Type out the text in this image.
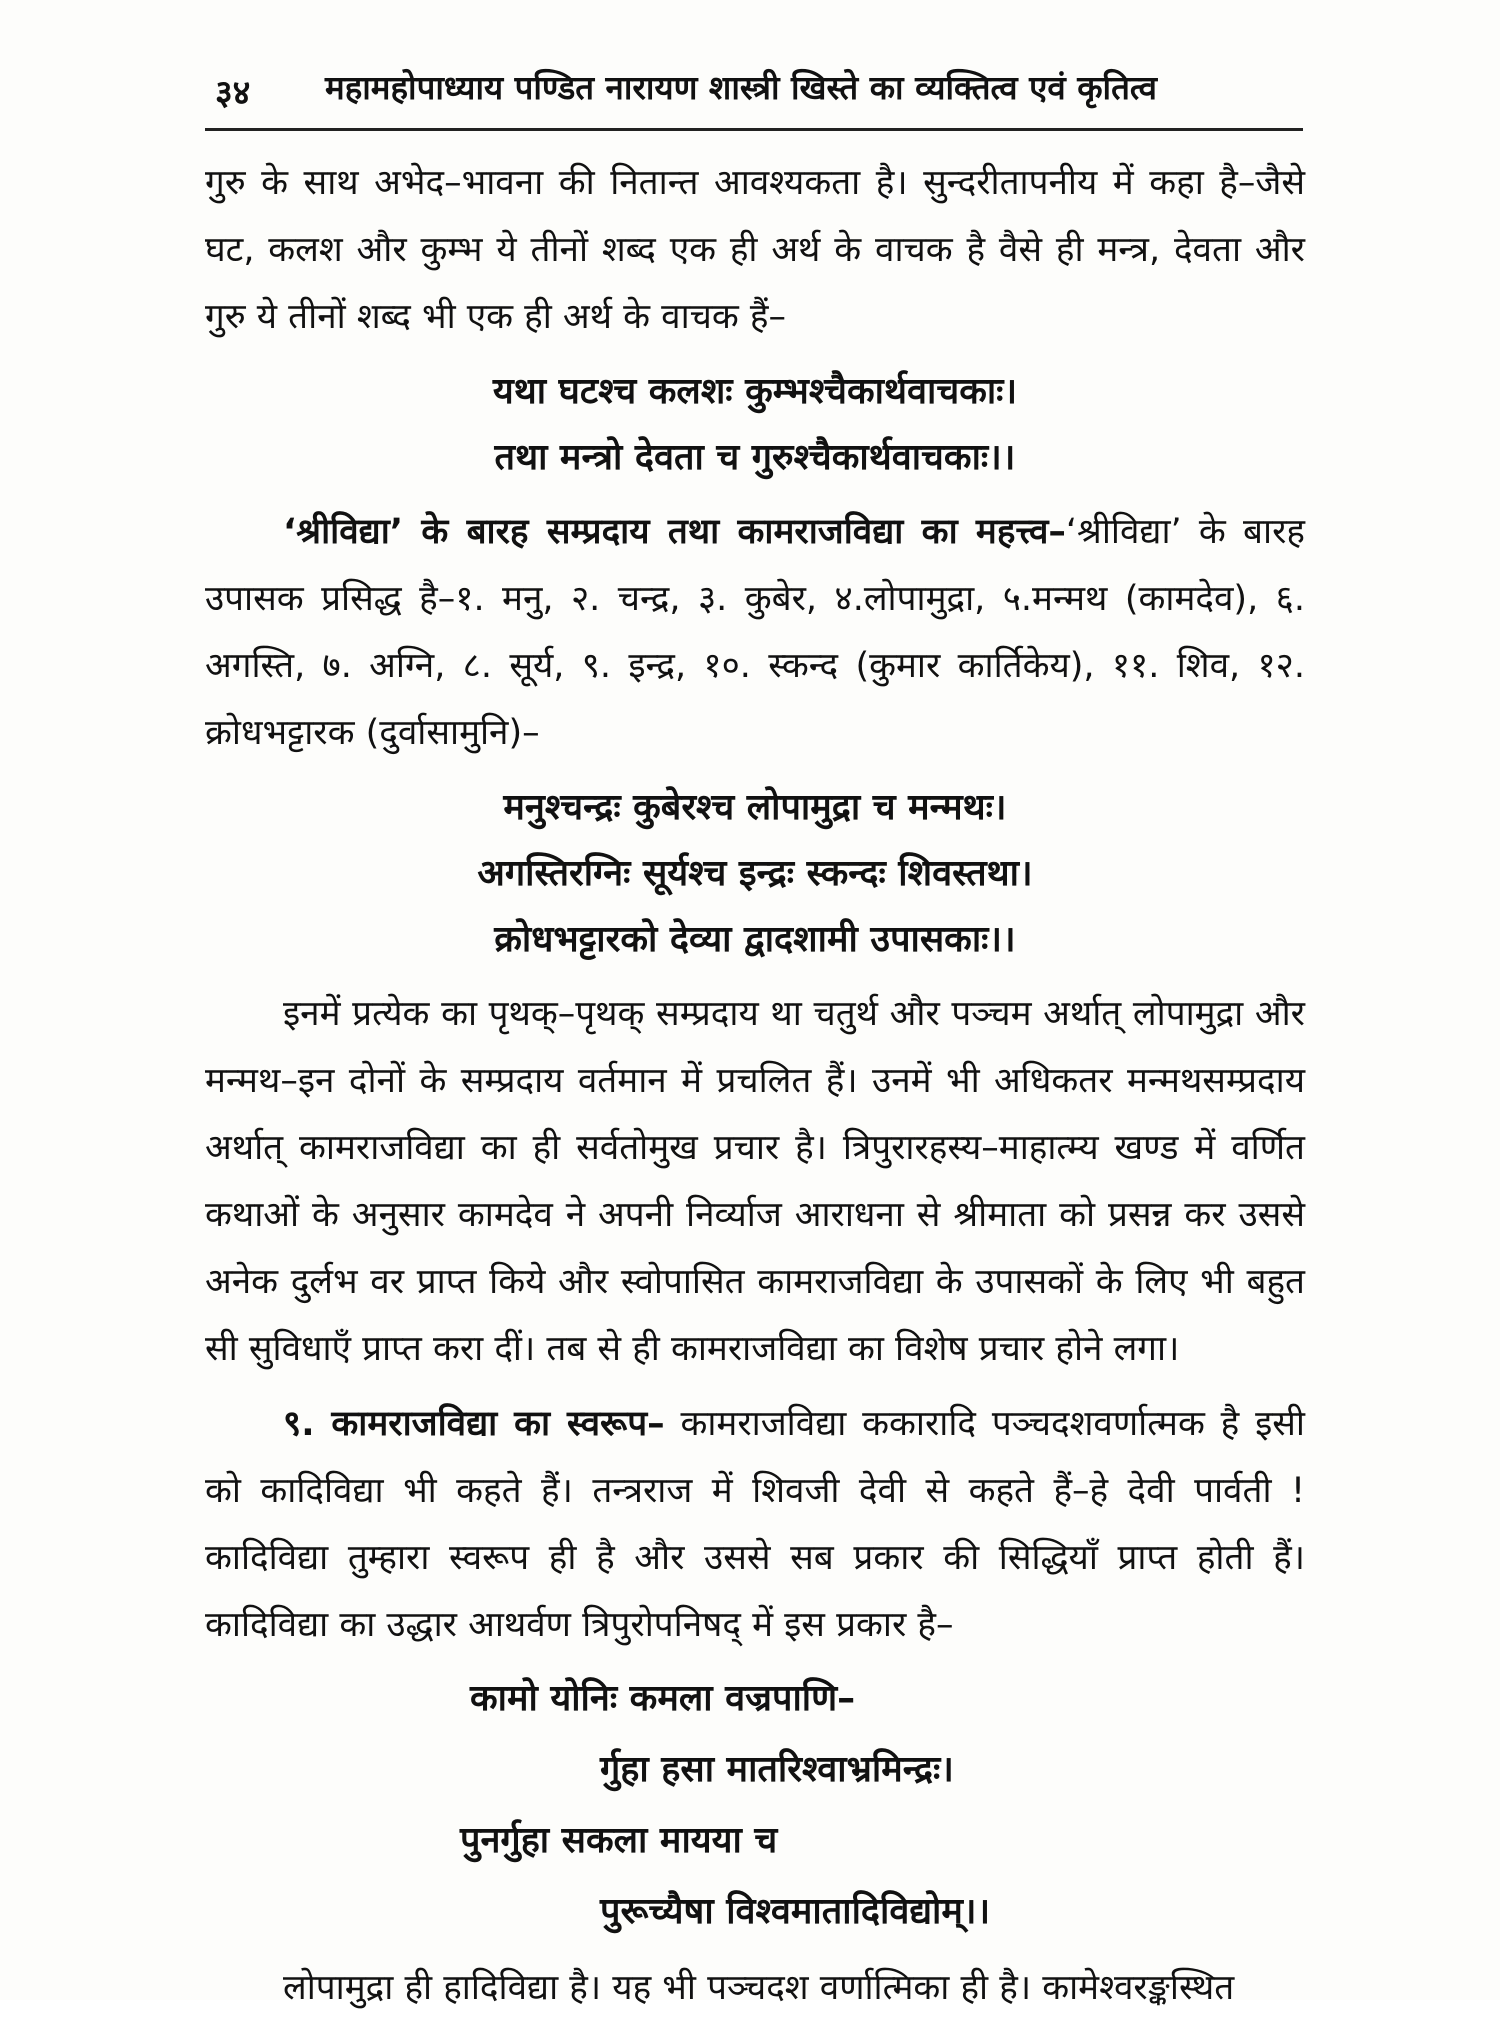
३४ महामहोपाध्याय पण्डित नारायण शास्त्री खिस्ते का व्यक्तित्व एवं कृतित्व

गुरु के साथ अभेद–भावना की नितान्त आवश्यकता है। सुन्दरीतापनीय में कहा है–जैसे घट, कलश और कुम्भ ये तीनों शब्द एक ही अर्थ के वाचक है वैसे ही मन्त्र, देवता और गुरु ये तीनों शब्द भी एक ही अर्थ के वाचक हैं–

यथा घटश्च कलशः कुम्भश्चैकार्थवाचकाः।

तथा मन्त्रो देवता च गुरुश्चैकार्थवाचकाः।।

‘श्रीविद्या’ के बारह सम्प्रदाय तथा कामराजविद्या का महत्त्व–‘श्रीविद्या’ के बारह उपासक प्रसिद्ध है–१. मनु, २. चन्द्र, ३. कुबेर, ४.लोपामुद्रा, ५.मन्मथ (कामदेव), ६. अगस्ति, ७. अग्नि, ८. सूर्य, ९. इन्द्र, १०. स्कन्द (कुमार कार्तिकेय), ११. शिव, १२. क्रोधभट्टारक (दुर्वासामुनि)–

मनुश्चन्द्रः कुबेरश्च लोपामुद्रा च मन्मथः।

अगस्तिरग्निः सूर्यश्च इन्द्रः स्कन्दः शिवस्तथा।

क्रोधभट्टारको देव्या द्वादशामी उपासकाः।।

इनमें प्रत्येक का पृथक्–पृथक् सम्प्रदाय था चतुर्थ और पञ्चम अर्थात् लोपामुद्रा और मन्मथ–इन दोनों के सम्प्रदाय वर्तमान में प्रचलित हैं। उनमें भी अधिकतर मन्मथसम्प्रदाय अर्थात् कामराजविद्या का ही सर्वतोमुख प्रचार है। त्रिपुरारहस्य–माहात्म्य खण्ड में वर्णित कथाओं के अनुसार कामदेव ने अपनी निर्व्याज आराधना से श्रीमाता को प्रसन्न कर उससे अनेक दुर्लभ वर प्राप्त किये और स्वोपासित कामराजविद्या के उपासकों के लिए भी बहुत सी सुविधाएँ प्राप्त करा दीं। तब से ही कामराजविद्या का विशेष प्रचार होने लगा।

९. कामराजविद्या का स्वरूप– कामराजविद्या ककारादि पञ्चदशवर्णात्मक है इसी को कादिविद्या भी कहते हैं। तन्त्रराज में शिवजी देवी से कहते हैं–हे देवी पार्वती ! कादिविद्या तुम्हारा स्वरूप ही है और उससे सब प्रकार की सिद्धियाँ प्राप्त होती हैं। कादिविद्या का उद्धार आथर्वण त्रिपुरोपनिषद् में इस प्रकार है–

कामो योनिः कमला वज्रपाणि–
र्गुहा हसा मातरिश्वाभ्रमिन्द्रः।
पुनर्गुहा सकला मायया च
पुरूच्यैषा विश्वमातादिविद्योम्।।
लोपामुद्रा ही हादिविद्या है। यह भी पञ्चदश वर्णात्मिका ही है। कामेश्वरङ्कस्थित
